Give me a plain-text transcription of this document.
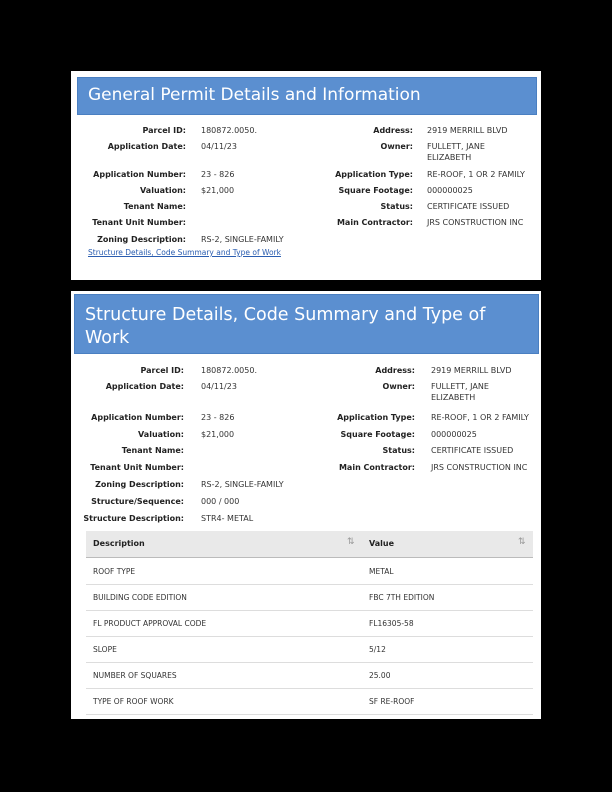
General Permit Details and Information
Parcel ID: 180872.0050.
Application Date: 04/11/23
Application Number: 23 - 826
Valuation: $21,000
Tenant Name:
Tenant Unit Number:
Zoning Description: RS-2, SINGLE-FAMILY
Address: 2919 MERRILL BLVD
Owner: FULLETT, JANE
ELIZABETH
Application Type: RE-ROOF, 1 OR 2 FAMILY
Square Footage: 000000025
Status: CERTIFICATE ISSUED
Main Contractor: JRS CONSTRUCTION INC
Structure Details, Code Summary and Type of Work
Structure Details, Code Summary and Type of Work
Parcel ID: 180872.0050.
Application Date: 04/11/23
Application Number: 23 - 826
Valuation: $21,000
Tenant Name:
Tenant Unit Number:
Zoning Description: RS-2, SINGLE-FAMILY
Structure/Sequence: 000 / 000
Structure Description: STR4- METAL
Address: 2919 MERRILL BLVD
Owner: FULLETT, JANE
ELIZABETH
Application Type: RE-ROOF, 1 OR 2 FAMILY
Square Footage: 000000025
Status: CERTIFICATE ISSUED
Main Contractor: JRS CONSTRUCTION INC
Description	⇅ Value	⇅
ROOF TYPE	METAL
BUILDING CODE EDITION	FBC 7TH EDITION
FL PRODUCT APPROVAL CODE	FL16305-58
SLOPE	5/12
NUMBER OF SQUARES	25.00
TYPE OF ROOF WORK	SF RE-ROOF
